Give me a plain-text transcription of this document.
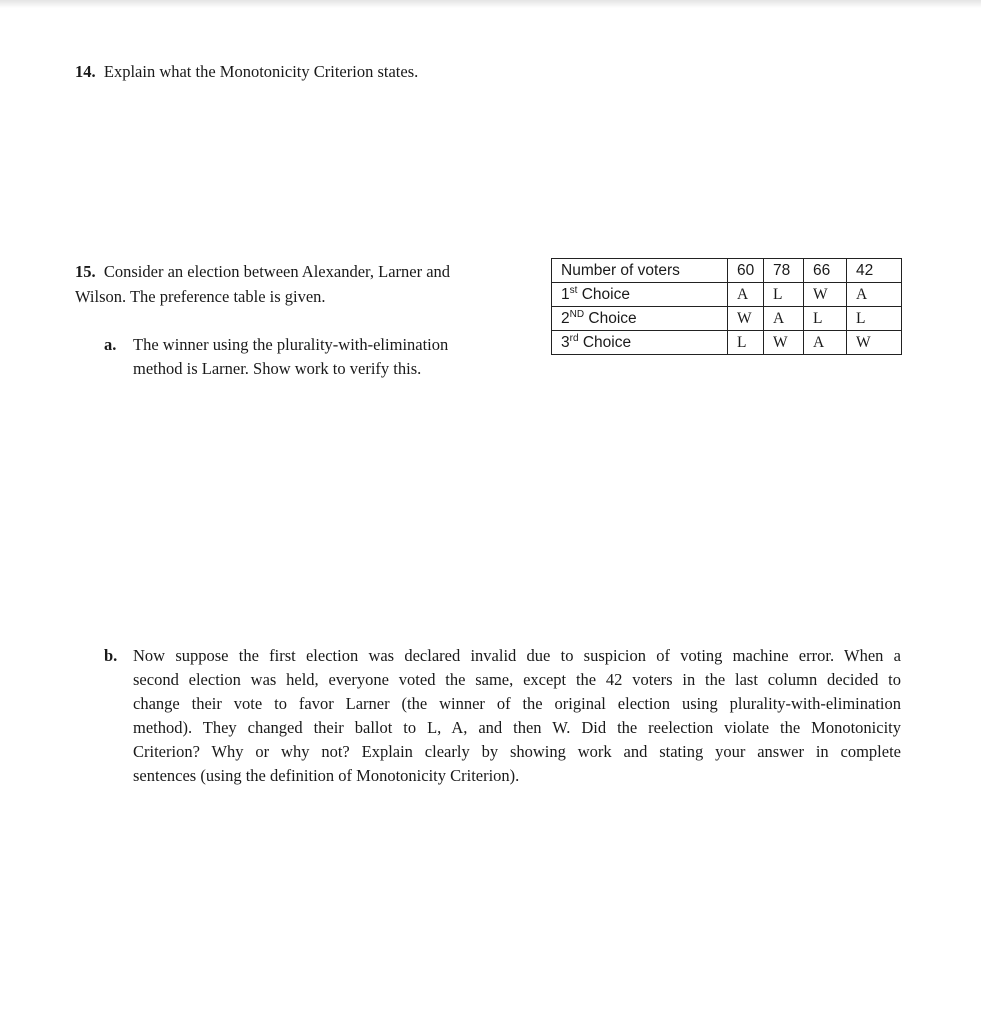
14. Explain what the Monotonicity Criterion states.
15. Consider an election between Alexander, Larner and
Wilson. The preference table is given.
Number of voters	60	78	66	42
1st Choice	A	L	W	A
2ND Choice	W	A	L	L
3rd Choice	L	W	A	W
a. The winner using the plurality-with-elimination
method is Larner. Show work to verify this.
b. Now suppose the first election was declared invalid due to suspicion of voting machine error. When a
second election was held, everyone voted the same, except the 42 voters in the last column decided to
change their vote to favor Larner (the winner of the original election using plurality-with-elimination
method). They changed their ballot to L, A, and then W. Did the reelection violate the Monotonicity
Criterion? Why or why not? Explain clearly by showing work and stating your answer in complete
sentences (using the definition of Monotonicity Criterion).
